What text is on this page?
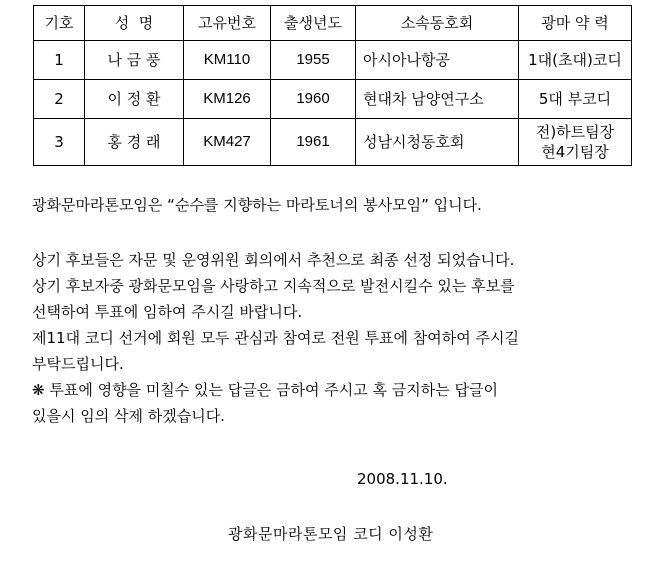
기호	성  명	고유번호	출생년도	소속동호회	광마 약 력
1	나 금 풍	KM110	1955	아시아나항공	1대(초대)코디
2	이 정 환	KM126	1960	현대차 남양연구소	5대 부코디
3	홍 경 래	KM427	1961	성남시청동호회	전)하트팀장
현4기팀장

광화문마라톤모임은 “순수를 지향하는 마라토너의 봉사모임” 입니다.

상기 후보들은 자문 및 운영위원 회의에서 추천으로 최종 선정 되었습니다.
상기 후보자중 광화문모임을 사랑하고 지속적으로 발전시킬수 있는 후보를
선택하여 투표에 임하여 주시길 바랍니다.
제11대 코디 선거에 회원 모두 관심과 참여로 전원 투표에 참여하여 주시길
부탁드립니다.
❋ 투표에 영향을 미칠수 있는 답글은 금하여 주시고 혹 금지하는 답글이
있을시 임의 삭제 하겠습니다.

2008.11.10.
광화문마라톤모임 코디 이성환
